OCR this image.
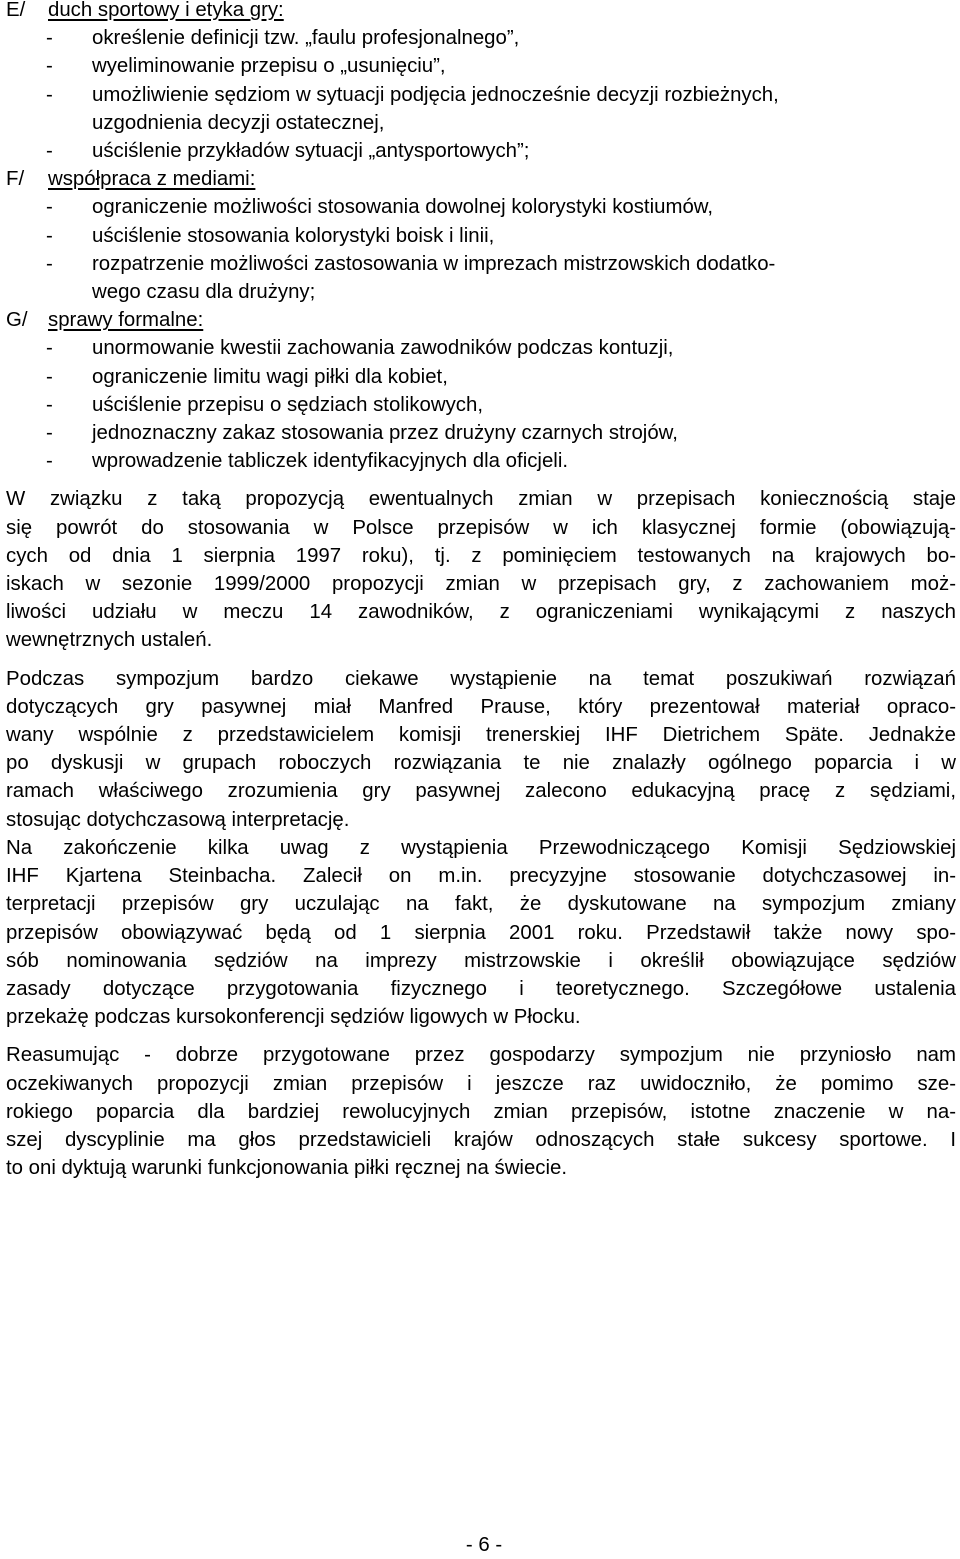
E/	duch sportowy i etyka gry:
- określenie definicji tzw. „faulu profesjonalnego”,
- wyeliminowanie przepisu o „usunięciu”,
- umożliwienie sędziom w sytuacji podjęcia jednocześnie decyzji rozbieżnych,
uzgodnienia decyzji ostatecznej,
- uściślenie przykładów sytuacji „antysportowych”;
F/	współpraca z mediami:
- ograniczenie możliwości stosowania dowolnej kolorystyki kostiumów,
- uściślenie stosowania kolorystyki boisk i linii,
- rozpatrzenie możliwości zastosowania w imprezach mistrzowskich dodatko-
wego czasu dla drużyny;
G/	sprawy formalne:
- unormowanie kwestii zachowania zawodników podczas kontuzji,
- ograniczenie limitu wagi piłki dla kobiet,
- uściślenie przepisu o sędziach stolikowych,
- jednoznaczny zakaz stosowania przez drużyny czarnych strojów,
- wprowadzenie tabliczek identyfikacyjnych dla oficjeli.
W związku z taką propozycją ewentualnych zmian w przepisach koniecznością staje
się powrót do stosowania w Polsce przepisów w ich klasycznej formie (obowiązują-
cych od dnia 1 sierpnia 1997 roku), tj. z pominięciem testowanych na krajowych bo-
iskach w sezonie 1999/2000 propozycji zmian w przepisach gry, z zachowaniem moż-
liwości udziału w meczu 14 zawodników, z ograniczeniami wynikającymi z naszych
wewnętrznych ustaleń.
Podczas sympozjum bardzo ciekawe wystąpienie na temat poszukiwań rozwiązań
dotyczących gry pasywnej miał Manfred Prause, który prezentował materiał opraco-
wany wspólnie z przedstawicielem komisji trenerskiej IHF Dietrichem Späte. Jednakże
po dyskusji w grupach roboczych rozwiązania te nie znalazły ogólnego poparcia i w
ramach właściwego zrozumienia gry pasywnej zalecono edukacyjną pracę z sędziami,
stosując dotychczasową interpretację.
Na zakończenie kilka uwag z wystąpienia Przewodniczącego Komisji Sędziowskiej
IHF Kjartena Steinbacha. Zalecił on m.in. precyzyjne stosowanie dotychczasowej in-
terpretacji przepisów gry uczulając na fakt, że dyskutowane na sympozjum zmiany
przepisów obowiązywać będą od 1 sierpnia 2001 roku. Przedstawił także nowy spo-
sób nominowania sędziów na imprezy mistrzowskie i określił obowiązujące sędziów
zasady dotyczące przygotowania fizycznego i teoretycznego. Szczegółowe ustalenia
przekażę podczas kursokonferencji sędziów ligowych w Płocku.
Reasumując - dobrze przygotowane przez gospodarzy sympozjum nie przyniosło nam
oczekiwanych propozycji zmian przepisów i jeszcze raz uwidoczniło, że pomimo sze-
rokiego poparcia dla bardziej rewolucyjnych zmian przepisów, istotne znaczenie w na-
szej dyscyplinie ma głos przedstawicieli krajów odnoszących stałe sukcesy sportowe. I
to oni dyktują warunki funkcjonowania piłki ręcznej na świecie.
- 6 -
